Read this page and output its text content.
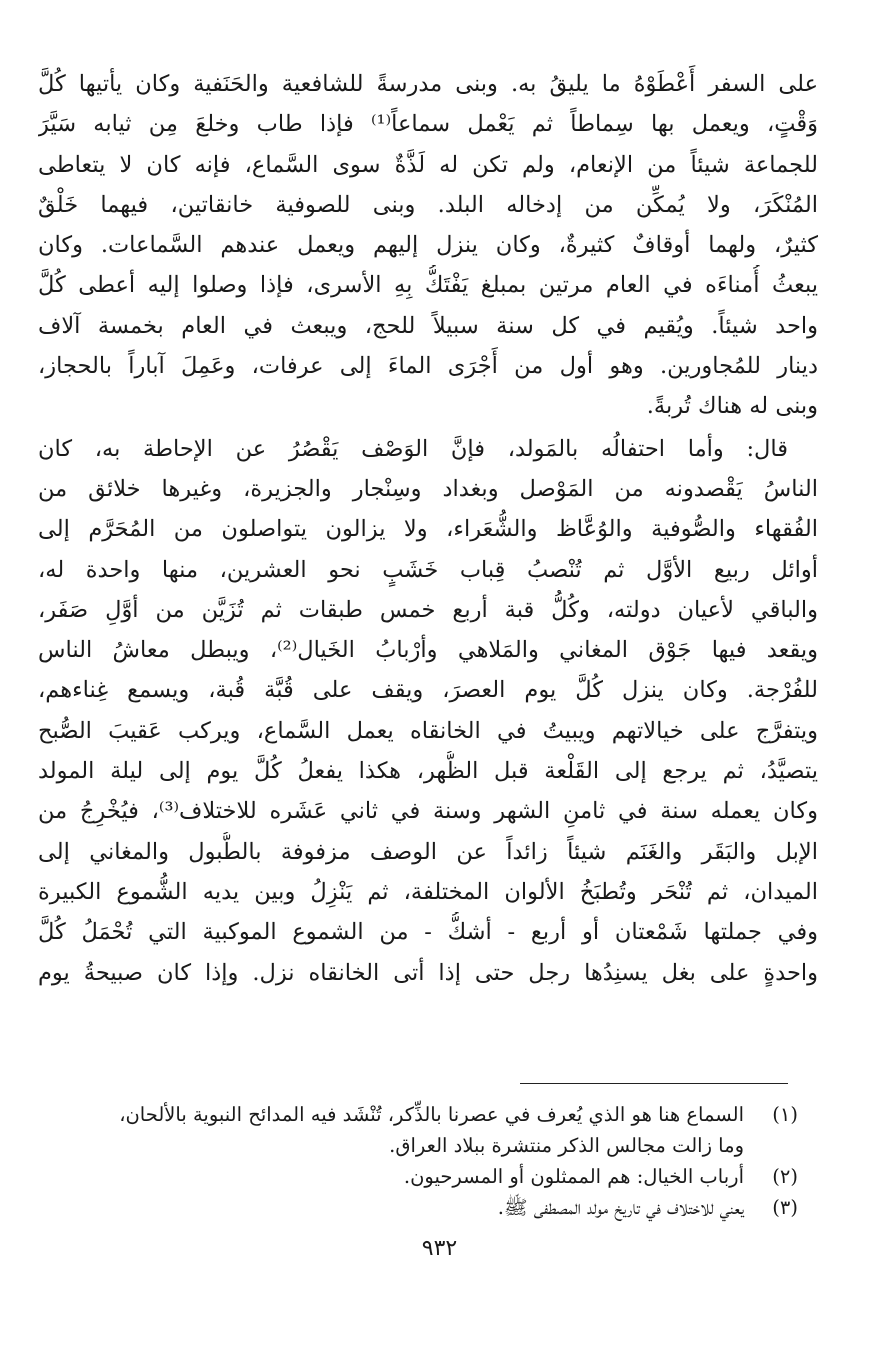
على السفر أَعْطَوْهُ ما يليقُ به. وبنى مدرسةً للشافعية والحَنَفية وكان يأتيها كُلَّ
وَقْتٍ، ويعمل بها سِماطاً ثم يَعْمل سماعاً⁽¹⁾ فإذا طاب وخلعَ مِن ثيابه سَيَّرَ
للجماعة شيئاً من الإنعام، ولم تكن له لَذَّةٌ سوى السَّماع، فإنه كان لا يتعاطى
المُنْكَرَ، ولا يُمكِّن من إدخاله البلد. وبنى للصوفية خانقاتين، فيهما خَلْقٌ
كثيرٌ، ولهما أوقافٌ كثيرةٌ، وكان ينزل إليهم ويعمل عندهم السَّماعات. وكان
يبعثُ أُمناءَه في العام مرتين بمبلغ يَفْتَكُّ بِهِ الأسرى، فإذا وصلوا إليه أعطى كُلَّ
واحد شيئاً. ويُقيم في كل سنة سبيلاً للحج، ويبعث في العام بخمسة آلاف
دينار للمُجاورين. وهو أول من أَجْرَى الماءَ إلى عرفات، وعَمِلَ آباراً بالحجاز،
وبنى له هناك تُربةً.
قال: وأما احتفالُه بالمَولد، فإنَّ الوَصْف يَقْصُرُ عن الإحاطة به، كان
الناسُ يَقْصدونه من المَوْصل وبغداد وسِنْجار والجزيرة، وغيرها خلائق من
الفُقهاء والصُّوفية والوُعَّاظ والشُّعَراء، ولا يزالون يتواصلون من المُحَرَّم إلى
أوائل ربيع الأوَّل ثم تُنْصبُ قِباب خَشَبٍ نحو العشرين، منها واحدة له،
والباقي لأعيان دولته، وكُلُّ قبة أربع خمس طبقات ثم تُزَيَّن من أوَّلِ صَفَر،
ويقعد فيها جَوْق المغاني والمَلاهي وأرْبابُ الخَيال⁽²⁾، ويبطل معاشُ الناس
للفُرْجة. وكان ينزل كُلَّ يوم العصرَ، ويقف على قُبَّة قُبة، ويسمع غِناءهم،
ويتفرَّج على خيالاتهم ويبيتُ في الخانقاه يعمل السَّماع، ويركب عَقيبَ الصُّبح
يتصيَّدُ، ثم يرجع إلى القَلْعة قبل الظُّهر، هكذا يفعلُ كُلَّ يوم إلى ليلة المولد
وكان يعمله سنة في ثامنِ الشهر وسنة في ثاني عَشَره للاختلاف⁽³⁾، فيُخْرِجُ من
الإبل والبَقَر والغَنَم شيئاً زائداً عن الوصف مزفوفة بالطُّبول والمغاني إلى
الميدان، ثم تُنْحَر وتُطبَخُ الألوان المختلفة، ثم يَنْزِلُ وبين يديه الشُّموع الكبيرة
وفي جملتها شَمْعتان أو أربع - أشكُّ - من الشموع الموكبية التي تُحْمَلُ كُلَّ
واحدةٍ على بغل يسنِدُها رجل حتى إذا أتى الخانقاه نزل. وإذا كان صبيحةُ يوم
(١)
السماع هنا هو الذي يُعرف في عصرنا بالذِّكر، تُنْشَد فيه المدائح النبوية بالألحان،
وما زالت مجالس الذكر منتشرة ببلاد العراق.
(٢)
أرباب الخيال: هم الممثلون أو المسرحيون.
(٣)
يعني للاختلاف في تاريخ مولد المصطفى ﷺ.
٩٣٢
